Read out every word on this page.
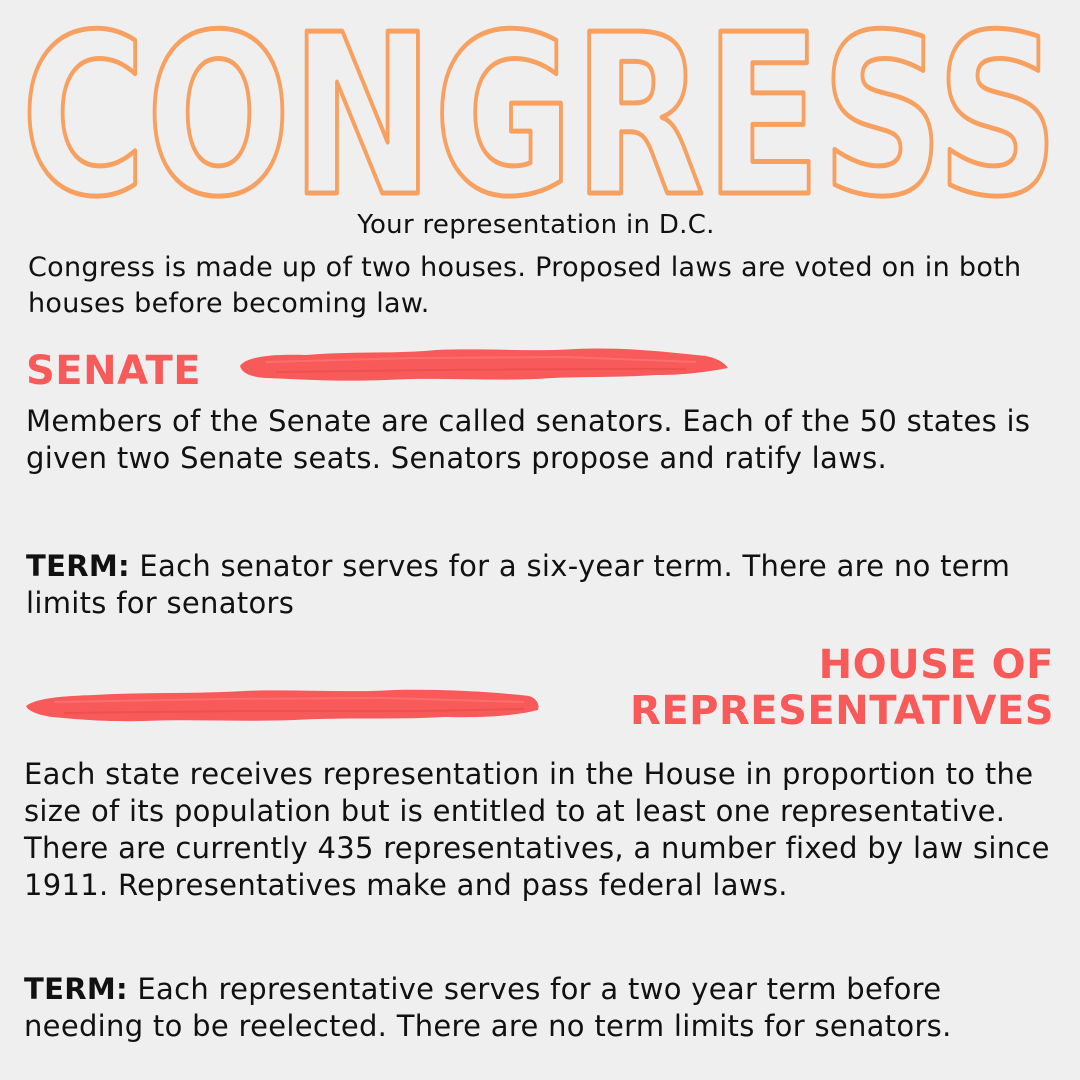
CONGRESS

Your representation in D.C.

Congress is made up of two houses. Proposed laws are voted on in both houses before becoming law.

SENATE

Members of the Senate are called senators. Each of the 50 states is given two Senate seats. Senators propose and ratify laws.

TERM: Each senator serves for a six-year term. There are no term limits for senators

HOUSE OF
REPRESENTATIVES

Each state receives representation in the House in proportion to the size of its population but is entitled to at least one representative. There are currently 435 representatives, a number fixed by law since 1911. Representatives make and pass federal laws.

TERM: Each representative serves for a two year term before needing to be reelected. There are no term limits for senators.
